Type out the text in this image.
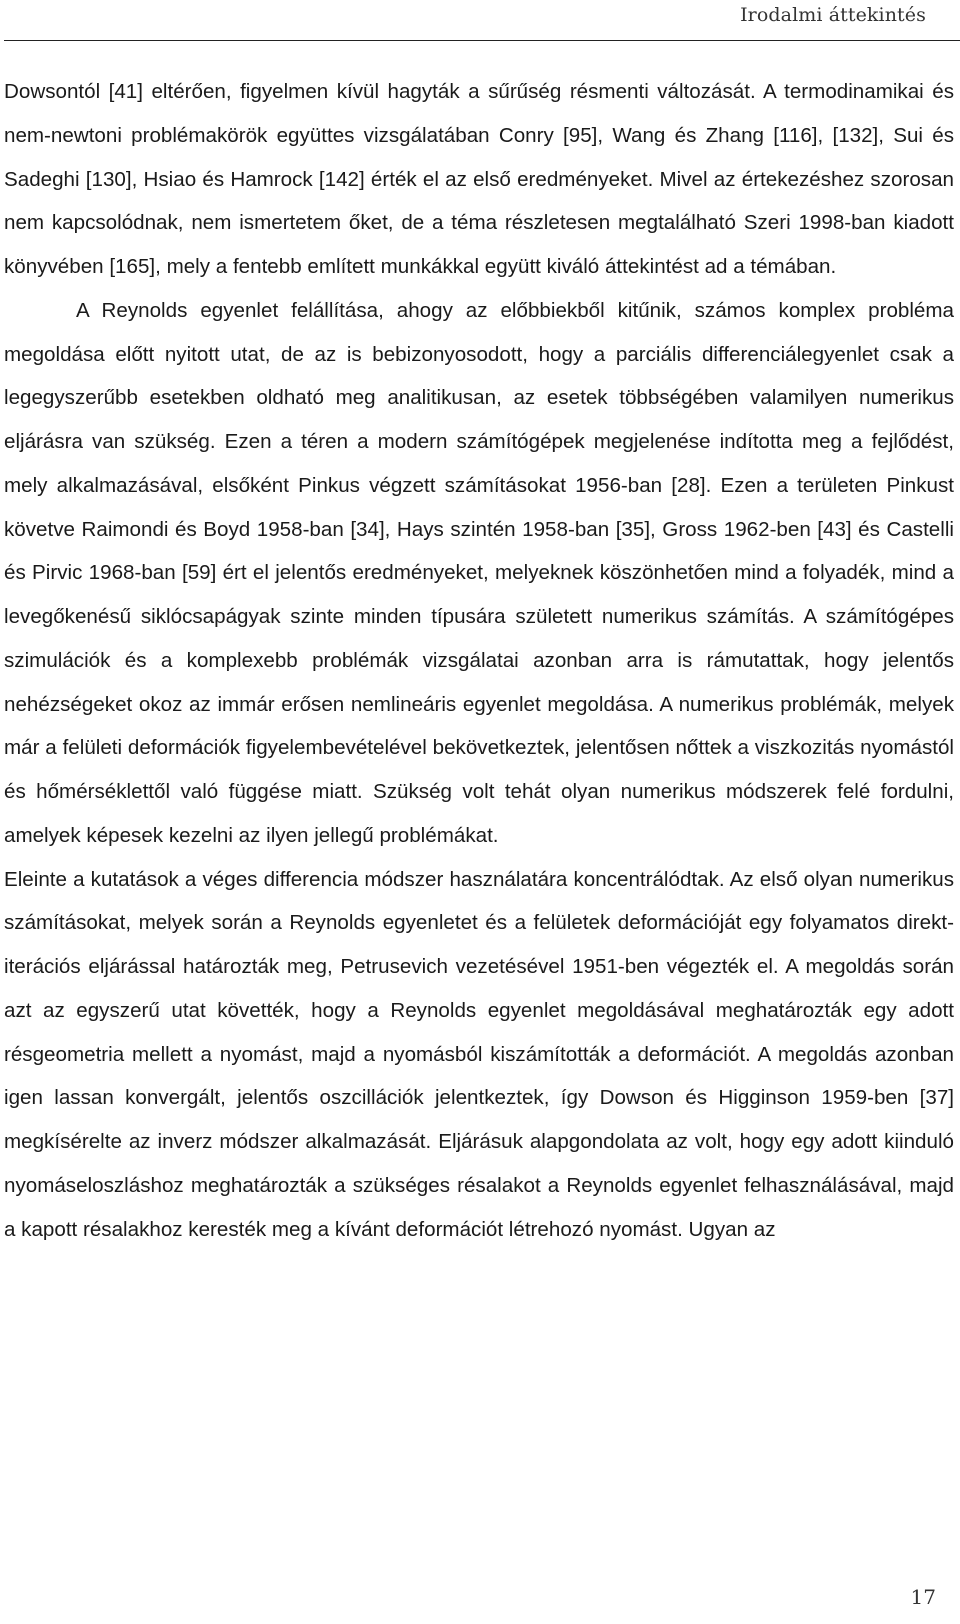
Irodalmi áttekintés

Dowsontól [41] eltérően, figyelmen kívül hagyták a sűrűség résmenti változását. A termodinamikai és nem-newtoni problémakörök együttes vizsgálatában Conry [95], Wang és Zhang [116], [132], Sui és Sadeghi [130], Hsiao és Hamrock [142] érték el az első eredményeket. Mivel az értekezéshez szorosan nem kapcsolódnak, nem ismertetem őket, de a téma részletesen megtalálható Szeri 1998-ban kiadott könyvében [165], mely a fentebb említett munkákkal együtt kiváló áttekintést ad a témában.

A Reynolds egyenlet felállítása, ahogy az előbbiekből kitűnik, számos komplex probléma megoldása előtt nyitott utat, de az is bebizonyosodott, hogy a parciális differenciálegyenlet csak a legegyszerűbb esetekben oldható meg analitikusan, az esetek többségében valamilyen numerikus eljárásra van szükség. Ezen a téren a modern számítógépek megjelenése indította meg a fejlődést, mely alkalmazásával, elsőként Pinkus végzett számításokat 1956-ban [28]. Ezen a területen Pinkust követve Raimondi és Boyd 1958-ban [34], Hays szintén 1958-ban [35], Gross 1962-ben [43] és Castelli és Pirvic 1968-ban [59] ért el jelentős eredményeket, melyeknek köszönhetően mind a folyadék, mind a levegőkenésű siklócsapágyak szinte minden típusára született numerikus számítás. A számítógépes szimulációk és a komplexebb problémák vizsgálatai azonban arra is rámutattak, hogy jelentős nehézségeket okoz az immár erősen nemlineáris egyenlet megoldása. A numerikus problémák, melyek már a felületi deformációk figyelembevételével bekövetkeztek, jelentősen nőttek a viszkozitás nyomástól és hőmérséklettől való függése miatt. Szükség volt tehát olyan numerikus módszerek felé fordulni, amelyek képesek kezelni az ilyen jellegű problémákat.

Eleinte a kutatások a véges differencia módszer használatára koncentrálódtak. Az első olyan numerikus számításokat, melyek során a Reynolds egyenletet és a felületek deformációját egy folyamatos direkt-iterációs eljárással határozták meg, Petrusevich vezetésével 1951-ben végezték el. A megoldás során azt az egyszerű utat követték, hogy a Reynolds egyenlet megoldásával meghatározták egy adott résgeometria mellett a nyomást, majd a nyomásból kiszámították a deformációt. A megoldás azonban igen lassan konvergált, jelentős oszcillációk jelentkeztek, így Dowson és Higginson 1959-ben [37] megkísérelte az inverz módszer alkalmazását. Eljárásuk alapgondolata az volt, hogy egy adott kiinduló nyomáseloszláshoz meghatározták a szükséges résalakot a Reynolds egyenlet felhasználásával, majd a kapott résalakhoz keresték meg a kívánt deformációt létrehozó nyomást. Ugyan az

17
